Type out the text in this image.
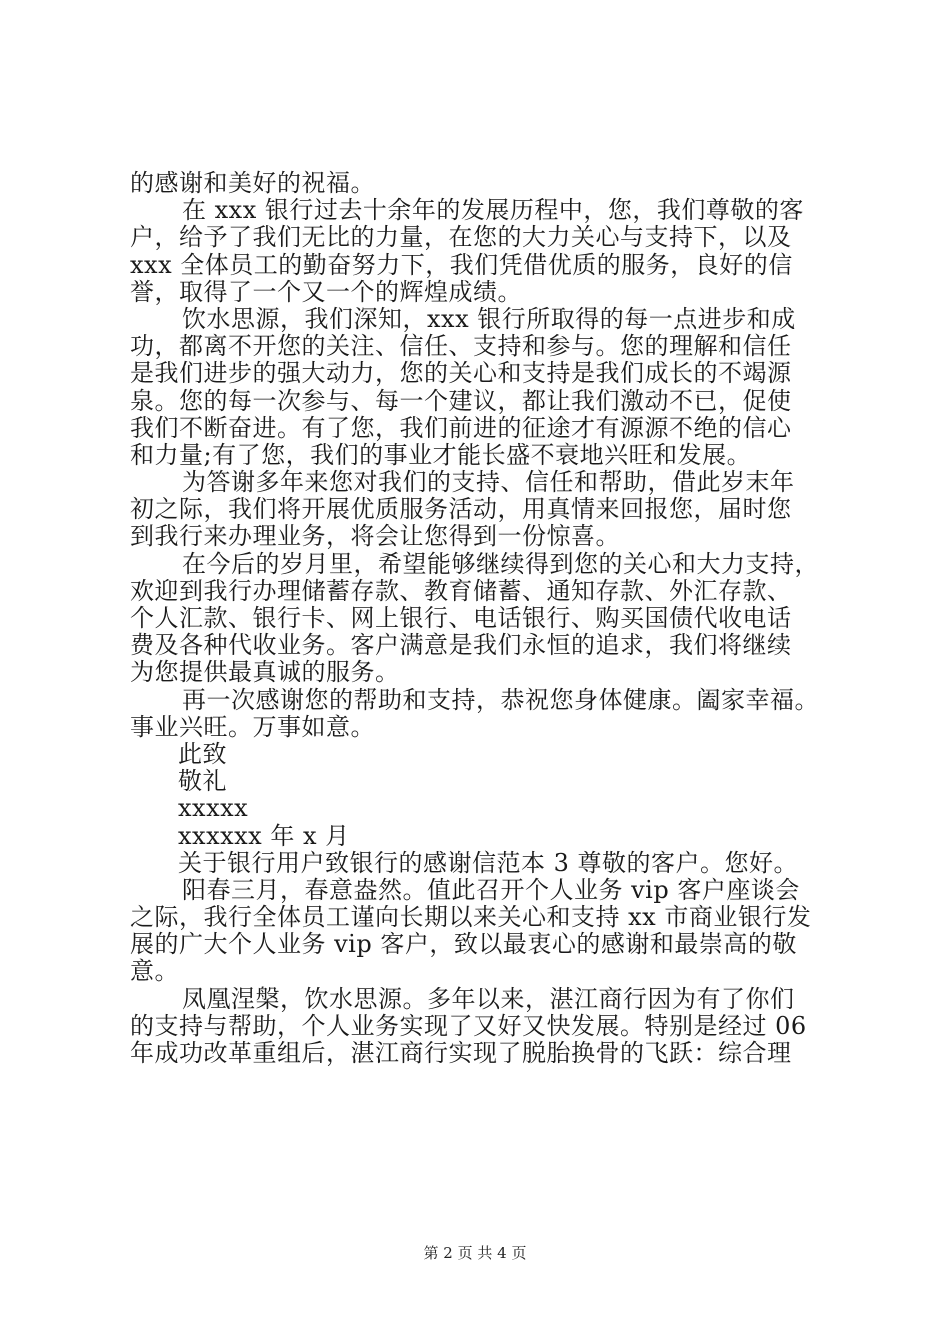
的感谢和美好的祝福。
在 xxx 银行过去十余年的发展历程中，您，我们尊敬的客
户，给予了我们无比的力量，在您的大力关心与支持下，以及
xxx 全体员工的勤奋努力下，我们凭借优质的服务，良好的信
誉，取得了一个又一个的辉煌成绩。
饮水思源，我们深知，xxx 银行所取得的每一点进步和成
功，都离不开您的关注、信任、支持和参与。您的理解和信任
是我们进步的强大动力，您的关心和支持是我们成长的不竭源
泉。您的每一次参与、每一个建议，都让我们激动不已，促使
我们不断奋进。有了您，我们前进的征途才有源源不绝的信心
和力量;有了您，我们的事业才能长盛不衰地兴旺和发展。
为答谢多年来您对我们的支持、信任和帮助，借此岁末年
初之际，我们将开展优质服务活动，用真情来回报您，届时您
到我行来办理业务，将会让您得到一份惊喜。
在今后的岁月里，希望能够继续得到您的关心和大力支持，
欢迎到我行办理储蓄存款、教育储蓄、通知存款、外汇存款、
个人汇款、银行卡、网上银行、电话银行、购买国债代收电话
费及各种代收业务。客户满意是我们永恒的追求，我们将继续
为您提供最真诚的服务。
再一次感谢您的帮助和支持，恭祝您身体健康。阖家幸福。
事业兴旺。万事如意。
此致
敬礼
xxxxx
xxxxxx 年 x 月
关于银行用户致银行的感谢信范本 3 尊敬的客户。您好。
阳春三月，春意盎然。值此召开个人业务 vip 客户座谈会
之际，我行全体员工谨向长期以来关心和支持 xx 市商业银行发
展的广大个人业务 vip 客户，致以最衷心的感谢和最崇高的敬
意。
凤凰涅槃，饮水思源。多年以来，湛江商行因为有了你们
的支持与帮助，个人业务实现了又好又快发展。特别是经过 06
年成功改革重组后，湛江商行实现了脱胎换骨的飞跃：综合理
第 2 页 共 4 页
